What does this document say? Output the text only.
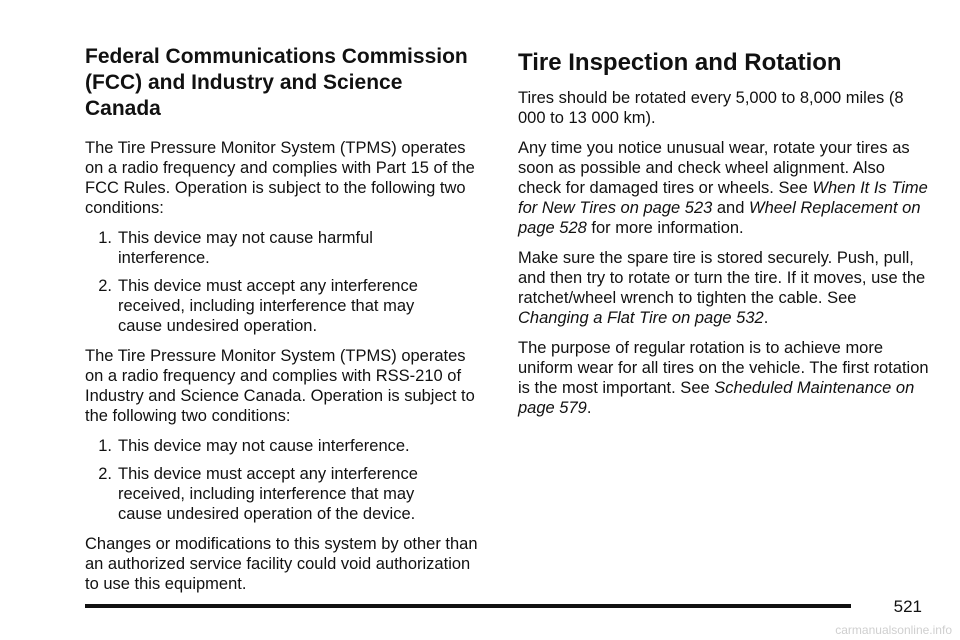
Federal Communications Commission (FCC) and Industry and Science Canada

The Tire Pressure Monitor System (TPMS) operates on a radio frequency and complies with Part 15 of the FCC Rules. Operation is subject to the following two conditions:

1. This device may not cause harmful interference.
2. This device must accept any interference received, including interference that may cause undesired operation.

The Tire Pressure Monitor System (TPMS) operates on a radio frequency and complies with RSS-210 of Industry and Science Canada. Operation is subject to the following two conditions:

1. This device may not cause interference.
2. This device must accept any interference received, including interference that may cause undesired operation of the device.

Changes or modifications to this system by other than an authorized service facility could void authorization to use this equipment.

Tire Inspection and Rotation

Tires should be rotated every 5,000 to 8,000 miles (8 000 to 13 000 km).

Any time you notice unusual wear, rotate your tires as soon as possible and check wheel alignment. Also check for damaged tires or wheels. See When It Is Time for New Tires on page 523 and Wheel Replacement on page 528 for more information.

Make sure the spare tire is stored securely. Push, pull, and then try to rotate or turn the tire. If it moves, use the ratchet/wheel wrench to tighten the cable. See Changing a Flat Tire on page 532.

The purpose of regular rotation is to achieve more uniform wear for all tires on the vehicle. The first rotation is the most important. See Scheduled Maintenance on page 579.

521
carmanualsonline.info
